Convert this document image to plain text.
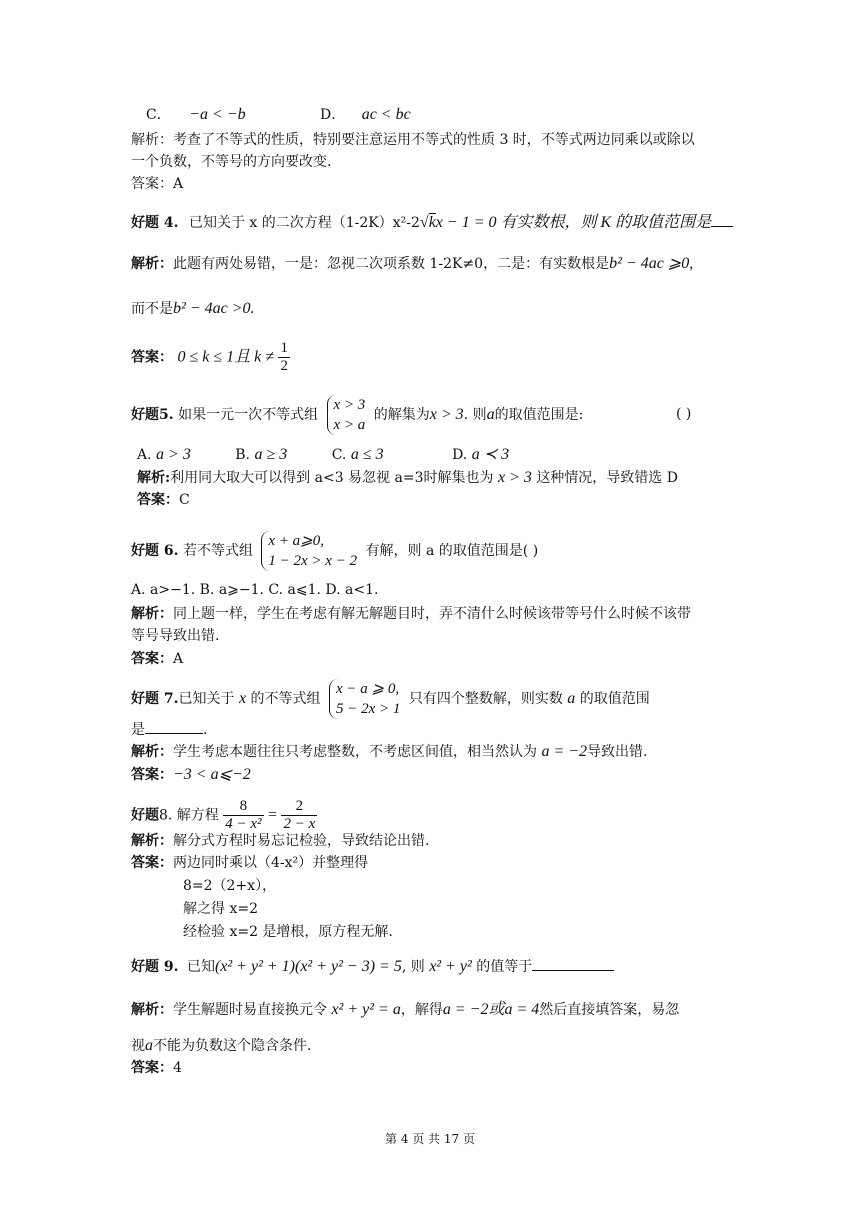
C． −a < −b	D． ac < bc
解析：考查了不等式的性质，特别要注意运用不等式的性质 3 时，不等式两边同乘以或除以
一个负数，不等号的方向要改变.
答案：A
好题 4. 已知关于 x 的二次方程（1-2K）x²-2√kx − 1 = 0 有实数根，则 K 的取值范围是
解析：此题有两处易错，一是：忽视二次项系数 1-2K≠0，二是：有实数根是b² − 4ac ⩾0,
而不是b² − 4ac >0.
答案： 0 ≤ k ≤ 1且 $k \ne \frac{1}{2}$
好题5. 如果一元一次不等式组
x > 3
x > a
的解集为x > 3. 则a的取值范围是:	( )
A. a > 3	B. a ≥ 3	C. a ≤ 3	D. a ≺ 3
解析:利用同大取大可以得到 a<3 易忽视 a=3时解集也为 x > 3 这种情况，导致错选 D
答案：C
好题 6. 若不等式组
x + a⩾0,
1 − 2x > x − 2
有解，则 a 的取值范围是( )
A. a>−1. B. a⩾−1. C. a⩽1. D. a<1.
解析：同上题一样，学生在考虑有解无解题目时，弄不清什么时候该带等号什么时候不该带
等号导致出错.
答案：A
好题 7.已知关于 x 的不等式组
x − a ⩾ 0,
5 − 2x > 1
只有四个整数解，则实数 a 的取值范围
是	.
解析：学生考虑本题往往只考虑整数，不考虑区间值，相当然认为 a = −2导致出错.
答案：−3 < a⩽−2
好题8. 解方程 $\frac{8}{\text{4 − x²}} = \frac{2}{2 - x}$
解析：解分式方程时易忘记检验，导致结论出错.
答案：两边同时乘以（4-x²）并整理得
8=2（2+x），
解之得 x=2
经检验 x=2 是增根，原方程无解.
好题 9. 已知(x² + y² + 1)(x² + y² − 3) = 5, 则 x² + y² 的值等于
解析：学生解题时易直接换元令 x² + y² = a，解得a = −2或a = 4然后直接填答案，易忽
视a不能为负数这个隐含条件.
答案：4
第 4 页 共 17 页
